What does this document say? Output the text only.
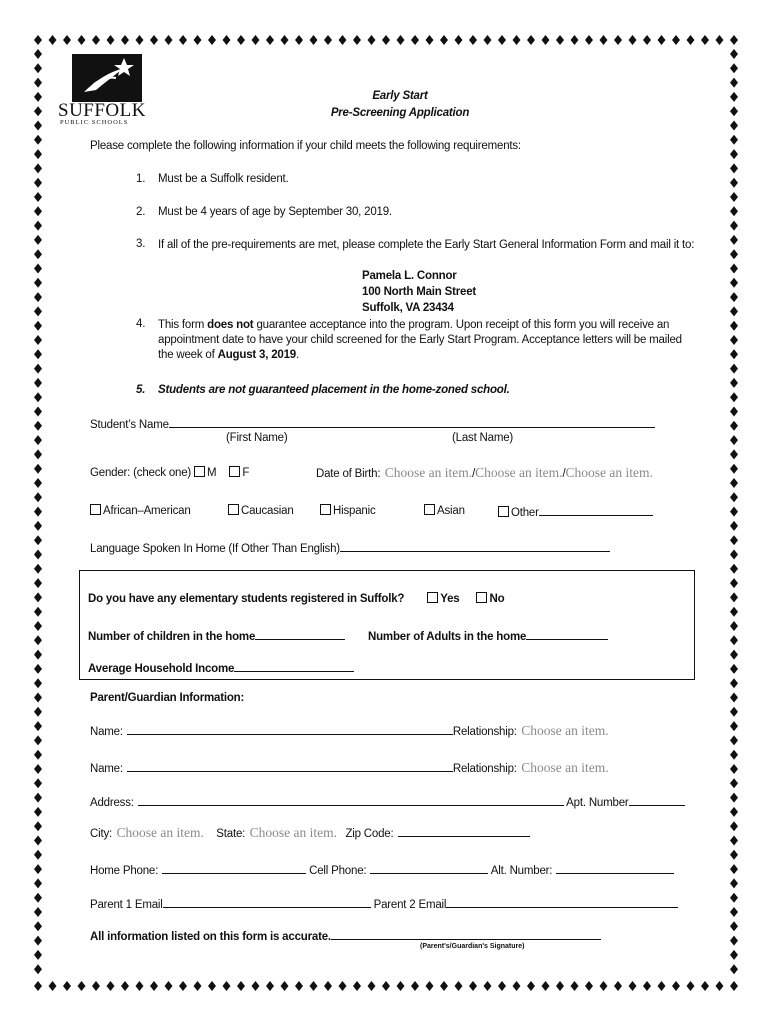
SUFFOLK
PUBLIC SCHOOLS
Early Start
Pre-Screening Application
Please complete the following information if your child meets the following requirements:
1. Must be a Suffolk resident.
2. Must be 4 years of age by September 30, 2019.
3. If all of the pre-requirements are met, please complete the Early Start General Information Form and mail it to:
Pamela L. Connor
100 North Main Street
Suffolk, VA 23434
4. This form does not guarantee acceptance into the program. Upon receipt of this form you will receive an appointment date to have your child screened for the Early Start Program. Acceptance letters will be mailed the week of August 3, 2019.
5. Students are not guaranteed placement in the home-zoned school.
Student’s Name
(First Name)	(Last Name)
Gender: (check one) M F	Date of Birth: Choose an item./Choose an item./Choose an item.
African–American	Caucasian	Hispanic	Asian	Other
Language Spoken In Home (If Other Than English)
Do you have any elementary students registered in Suffolk?	Yes	No
Number of children in the home	Number of Adults in the home
Average Household Income
Parent/Guardian Information:
Name:	Relationship: Choose an item.
Name:	Relationship: Choose an item.
Address:	Apt. Number
City: Choose an item. State: Choose an item. Zip Code:
Home Phone:	Cell Phone:	Alt. Number:
Parent 1 Email	Parent 2 Email
All information listed on this form is accurate.
(Parent's/Guardian's Signature)
